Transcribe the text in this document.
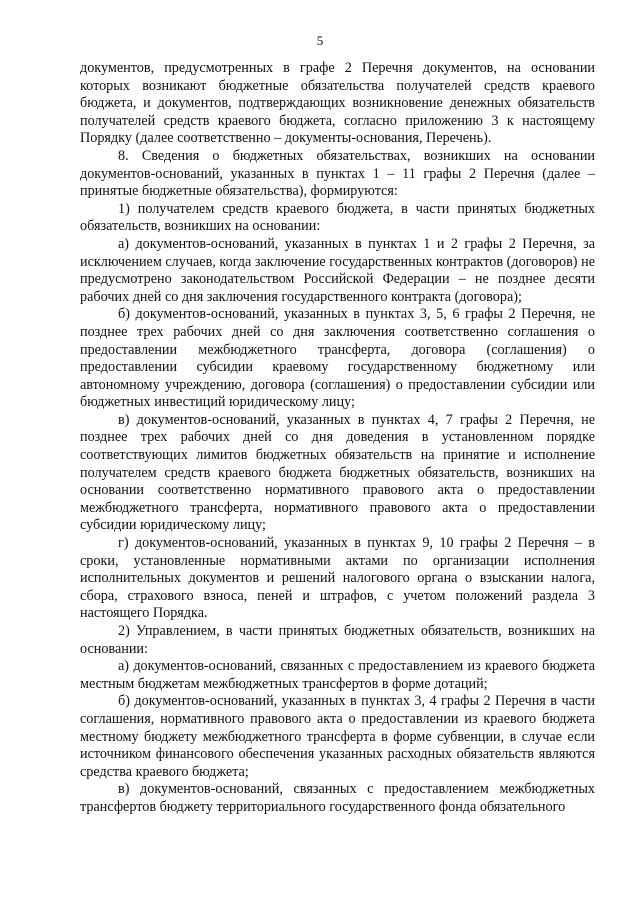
5

документов, предусмотренных в графе 2 Перечня документов, на основании которых возникают бюджетные обязательства получателей средств краевого бюджета, и документов, подтверждающих возникновение денежных обязательств получателей средств краевого бюджета, согласно приложению 3 к настоящему Порядку (далее соответственно – документы-основания, Перечень).

8. Сведения о бюджетных обязательствах, возникших на основании документов-оснований, указанных в пунктах 1 – 11 графы 2 Перечня (далее – принятые бюджетные обязательства), формируются:

1) получателем средств краевого бюджета, в части принятых бюджетных обязательств, возникших на основании:

а) документов-оснований, указанных в пунктах 1 и 2 графы 2 Перечня, за исключением случаев, когда заключение государственных контрактов (договоров) не предусмотрено законодательством Российской Федерации – не позднее десяти рабочих дней со дня заключения государственного контракта (договора);

б) документов-оснований, указанных в пунктах 3, 5, 6 графы 2 Перечня, не позднее трех рабочих дней со дня заключения соответственно соглашения о предоставлении межбюджетного трансферта, договора (соглашения) о предоставлении субсидии краевому государственному бюджетному или автономному учреждению, договора (соглашения) о предоставлении субсидии или бюджетных инвестиций юридическому лицу;

в) документов-оснований, указанных в пунктах 4, 7 графы 2 Перечня, не позднее трех рабочих дней со дня доведения в установленном порядке соответствующих лимитов бюджетных обязательств на принятие и исполнение получателем средств краевого бюджета бюджетных обязательств, возникших на основании соответственно нормативного правового акта о предоставлении межбюджетного трансферта, нормативного правового акта о предоставлении субсидии юридическому лицу;

г) документов-оснований, указанных в пунктах 9, 10 графы 2 Перечня – в сроки, установленные нормативными актами по организации исполнения исполнительных документов и решений налогового органа о взыскании налога, сбора, страхового взноса, пеней и штрафов, с учетом положений раздела 3 настоящего Порядка.

2) Управлением, в части принятых бюджетных обязательств, возникших на основании:

а) документов-оснований, связанных с предоставлением из краевого бюджета местным бюджетам межбюджетных трансфертов в форме дотаций;

б) документов-оснований, указанных в пунктах 3, 4 графы 2 Перечня в части соглашения, нормативного правового акта о предоставлении из краевого бюджета местному бюджету межбюджетного трансферта в форме субвенции, в случае если источником финансового обеспечения указанных расходных обязательств являются средства краевого бюджета;

в) документов-оснований, связанных с предоставлением межбюджетных трансфертов бюджету территориального государственного фонда обязательного
